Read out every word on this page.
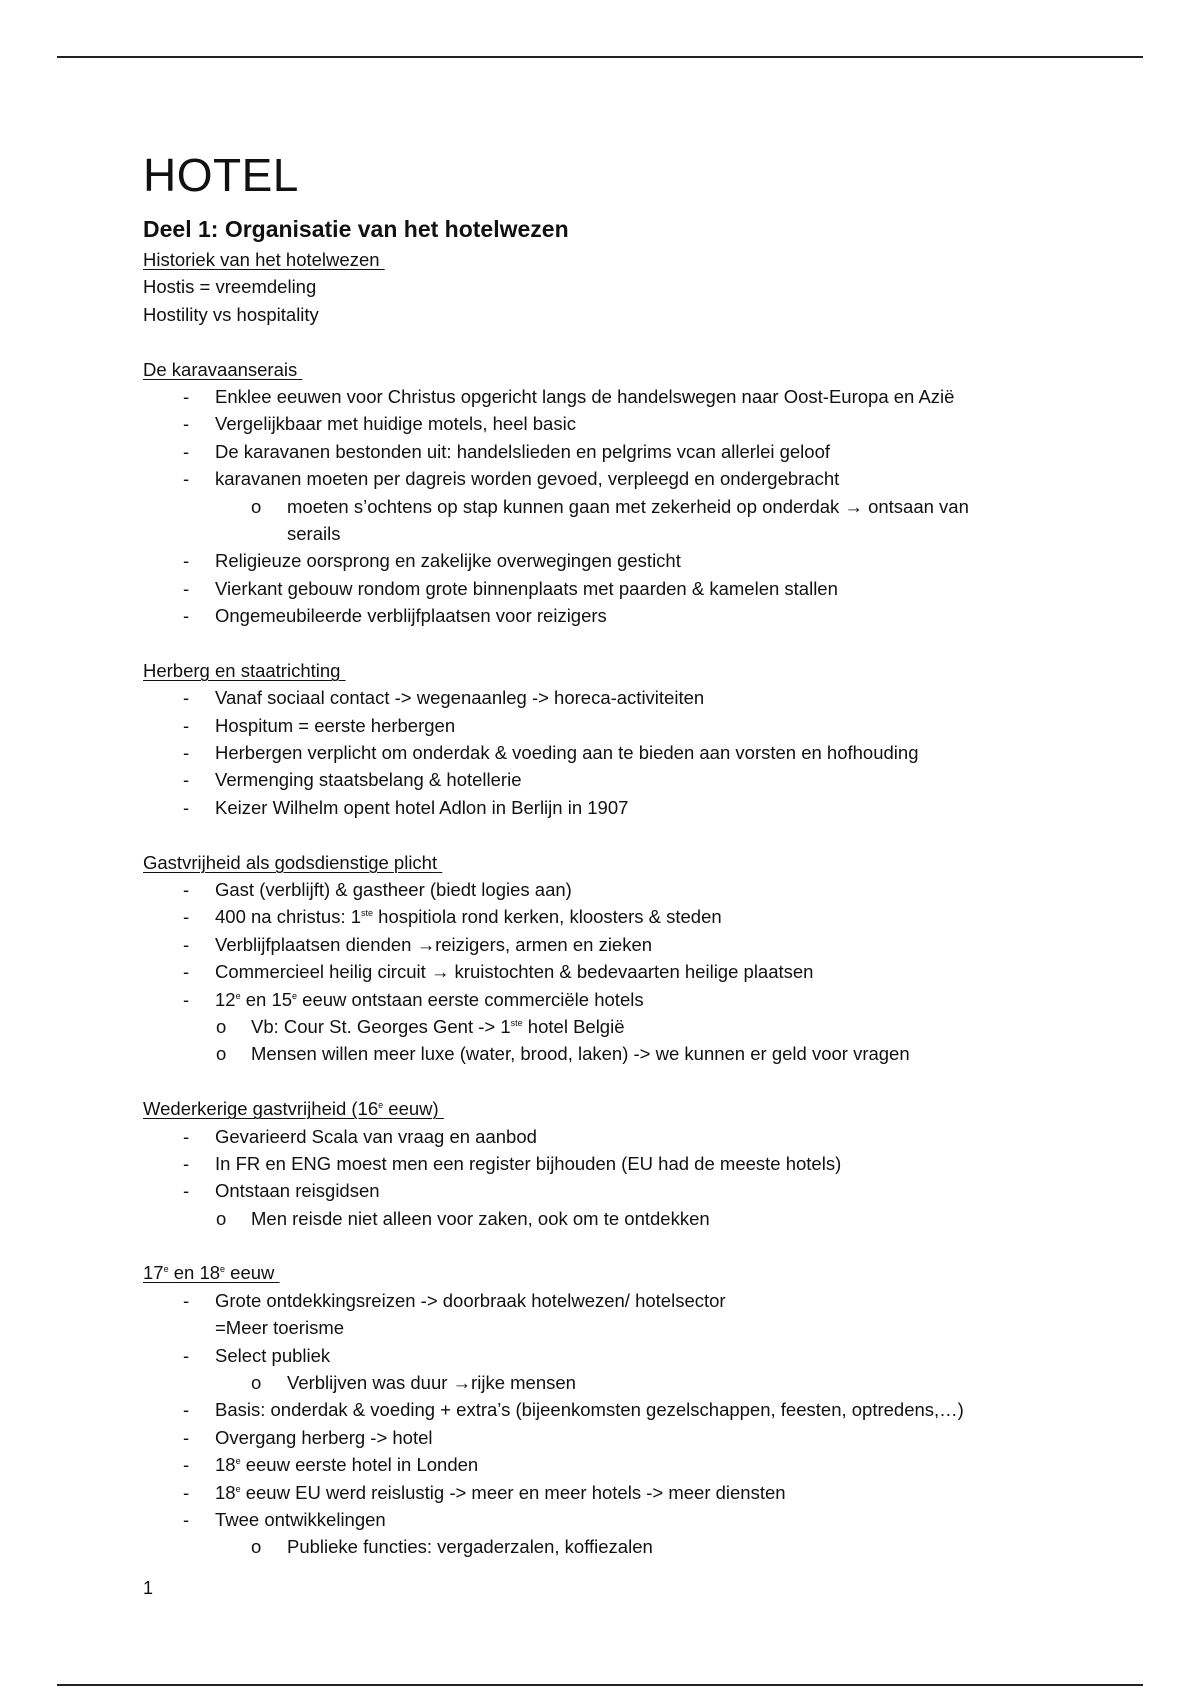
HOTEL
Deel 1: Organisatie van het hotelwezen
Historiek van het hotelwezen
Hostis = vreemdeling
Hostility vs hospitality
De karavaanserais
- Enklee eeuwen voor Christus opgericht langs de handelswegen naar Oost-Europa en Azië
- Vergelijkbaar met huidige motels, heel basic
- De karavanen bestonden uit: handelslieden en pelgrims vcan allerlei geloof
- karavanen moeten per dagreis worden gevoed, verpleegd en ondergebracht
o moeten s’ochtens op stap kunnen gaan met zekerheid op onderdak → ontsaan van
serails
- Religieuze oorsprong en zakelijke overwegingen gesticht
- Vierkant gebouw rondom grote binnenplaats met paarden & kamelen stallen
- Ongemeubileerde verblijfplaatsen voor reizigers
Herberg en staatrichting
- Vanaf sociaal contact -> wegenaanleg -> horeca-activiteiten
- Hospitum = eerste herbergen
- Herbergen verplicht om onderdak & voeding aan te bieden aan vorsten en hofhouding
- Vermenging staatsbelang & hotellerie
- Keizer Wilhelm opent hotel Adlon in Berlijn in 1907
Gastvrijheid als godsdienstige plicht
- Gast (verblijft) & gastheer (biedt logies aan)
- 400 na christus: 1ste hospitiola rond kerken, kloosters & steden
- Verblijfplaatsen dienden →reizigers, armen en zieken
- Commercieel heilig circuit → kruistochten & bedevaarten heilige plaatsen
- 12e en 15e eeuw ontstaan eerste commerciële hotels
o Vb: Cour St. Georges Gent -> 1ste hotel België
o Mensen willen meer luxe (water, brood, laken) -> we kunnen er geld voor vragen
Wederkerige gastvrijheid (16e eeuw)
- Gevarieerd Scala van vraag en aanbod
- In FR en ENG moest men een register bijhouden (EU had de meeste hotels)
- Ontstaan reisgidsen
o Men reisde niet alleen voor zaken, ook om te ontdekken
17e en 18e eeuw
- Grote ontdekkingsreizen -> doorbraak hotelwezen/ hotelsector
=Meer toerisme
- Select publiek
o Verblijven was duur →rijke mensen
- Basis: onderdak & voeding + extra’s (bijeenkomsten gezelschappen, feesten, optredens,…)
- Overgang herberg -> hotel
- 18e eeuw eerste hotel in Londen
- 18e eeuw EU werd reislustig -> meer en meer hotels -> meer diensten
- Twee ontwikkelingen
o Publieke functies: vergaderzalen, koffiezalen
1
